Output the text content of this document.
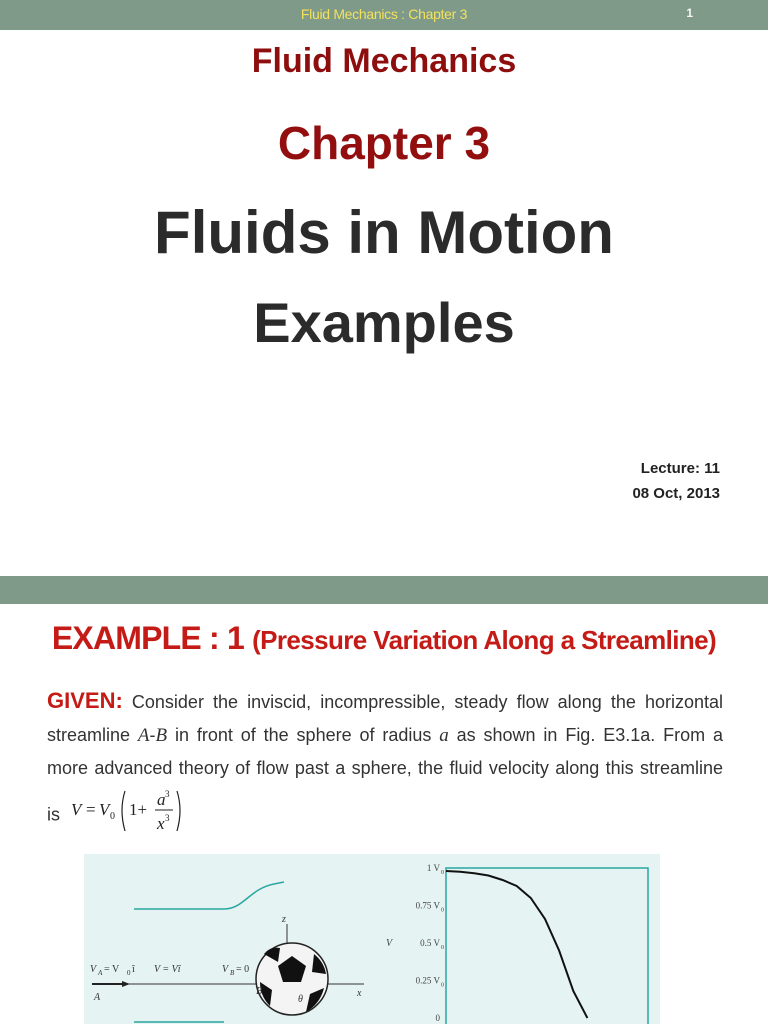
Fluid Mechanics : Chapter 3	1
Fluid Mechanics
Chapter 3
Fluids in Motion
Examples
Lecture: 11
08 Oct, 2013
EXAMPLE : 1 (Pressure Variation Along a Streamline)
GIVEN: Consider the inviscid, incompressible, steady flow along the horizontal streamline A-B in front of the sphere of radius a as shown in Fig. E3.1a. From a more advanced theory of flow past a sphere, the fluid velocity along this streamline is V = V 0 1+
a 3
x 3
V A = V 0 î V = Vî	V B = 0
A
B	x
z
θ
1 V 0
0.75 V 0
0.5 V 0
0.25 V 0
0
V
